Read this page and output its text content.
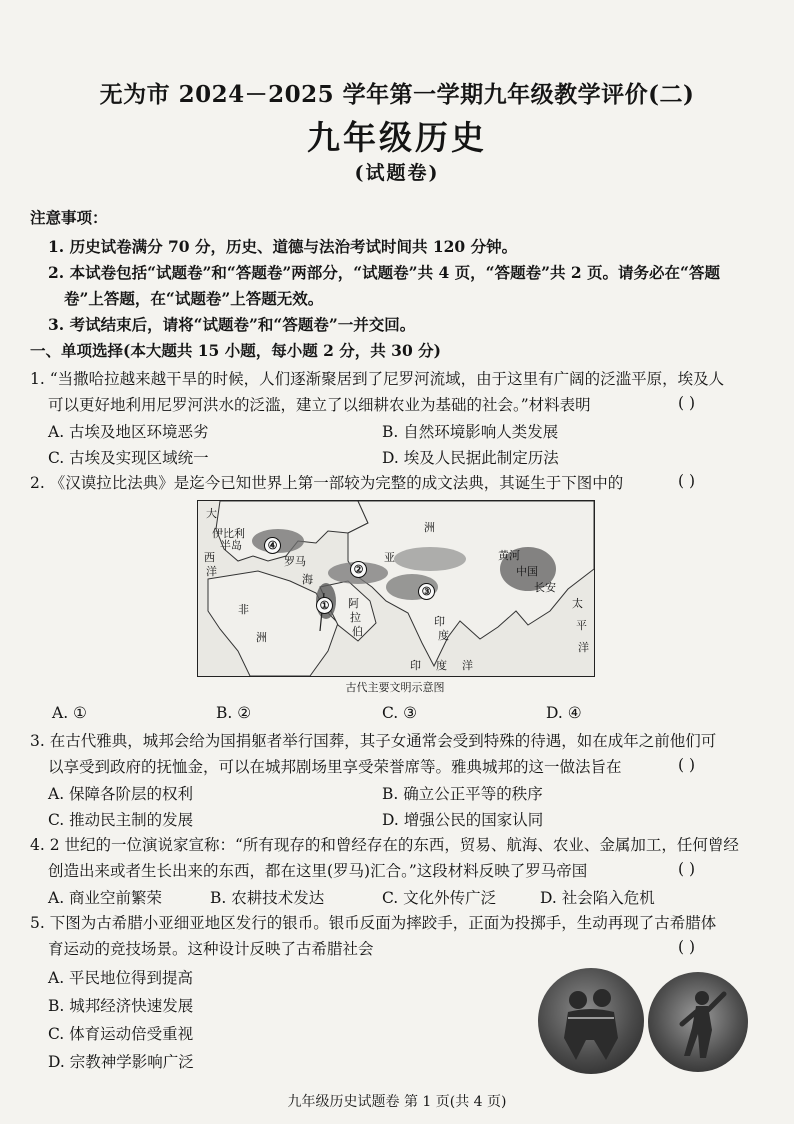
无为市 2024－2025 学年第一学期九年级教学评价(二)
九年级历史
(试题卷)
注意事项：
1. 历史试卷满分 70 分，历史、道德与法治考试时间共 120 分钟。
2. 本试卷包括“试题卷”和“答题卷”两部分，“试题卷”共 4 页，“答题卷”共 2 页。请务必在“答题
卷”上答题，在“试题卷”上答题无效。
3. 考试结束后，请将“试题卷”和“答题卷”一并交回。
一、单项选择(本大题共 15 小题，每小题 2 分，共 30 分)
1. “当撒哈拉越来越干旱的时候，人们逐渐聚居到了尼罗河流域，由于这里有广阔的泛滥平原，埃及人
可以更好地利用尼罗河洪水的泛滥，建立了以细耕农业为基础的社会。”材料表明	( )
A. 古埃及地区环境恶劣	B. 自然环境影响人类发展
C. 古埃及实现区域统一	D. 埃及人民据此制定历法
2. 《汉谟拉比法典》是迄今已知世界上第一部较为完整的成文法典，其诞生于下图中的	( )
大
西
洋
伊比利
半岛
亚
洲
非
洲
阿
拉
伯
印
度
中国
长安
黄河
太
平
洋
印 度 洋
罗马
海
④
②
①
③
古代主要文明示意图
A. ①	B. ②	C. ③	D. ④
3. 在古代雅典，城邦会给为国捐躯者举行国葬，其子女通常会受到特殊的待遇，如在成年之前他们可
以享受到政府的抚恤金，可以在城邦剧场里享受荣誉席等。雅典城邦的这一做法旨在	( )
A. 保障各阶层的权利	B. 确立公正平等的秩序
C. 推动民主制的发展	D. 增强公民的国家认同
4. 2 世纪的一位演说家宣称：“所有现存的和曾经存在的东西，贸易、航海、农业、金属加工，任何曾经
创造出来或者生长出来的东西，都在这里(罗马)汇合。”这段材料反映了罗马帝国	( )
A. 商业空前繁荣	B. 农耕技术发达	C. 文化外传广泛	D. 社会陷入危机
5. 下图为古希腊小亚细亚地区发行的银币。银币反面为摔跤手，正面为投掷手，生动再现了古希腊体
育运动的竞技场景。这种设计反映了古希腊社会	( )
A. 平民地位得到提高
B. 城邦经济快速发展
C. 体育运动倍受重视
D. 宗教神学影响广泛
九年级历史试题卷 第 1 页(共 4 页)
